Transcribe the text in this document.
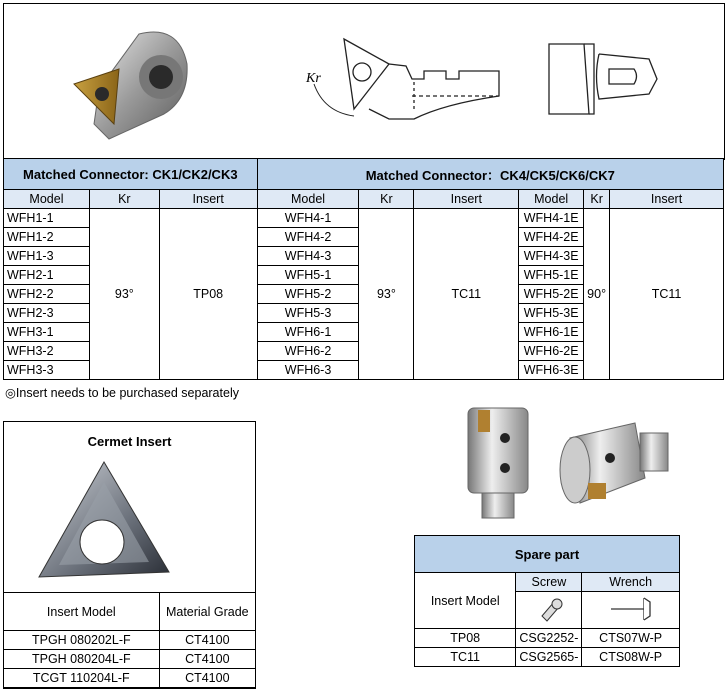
Kr
Matched Connector: CK1/CK2/CK3			Matched Connector：CK4/CK5/CK6/CK7					
Model	Kr	Insert	Model	Kr	Insert	Model	Kr	Insert
WFH1-1	93°	TP08	WFH4-1	93°	TC11	WFH4-1E	90°	TC11
WFH1-2			WFH4-2			WFH4-2E		
WFH1-3			WFH4-3			WFH4-3E		
WFH2-1			WFH5-1			WFH5-1E		
WFH2-2			WFH5-2			WFH5-2E		
WFH2-3			WFH5-3			WFH5-3E		
WFH3-1			WFH6-1			WFH6-1E		
WFH3-2			WFH6-2			WFH6-2E		
WFH3-3			WFH6-3			WFH6-3E		
◎Insert needs to be purchased separately
Cermet Insert
Insert Model	Material Grade
TPGH 080202L-F	CT4100
TPGH 080204L-F	CT4100
TCGT 110204L-F	CT4100
Spare part		
Insert Model	Screw	Wrench

TP08	CSG2252-	CTS07W-P
TC11	CSG2565-	CTS08W-P
